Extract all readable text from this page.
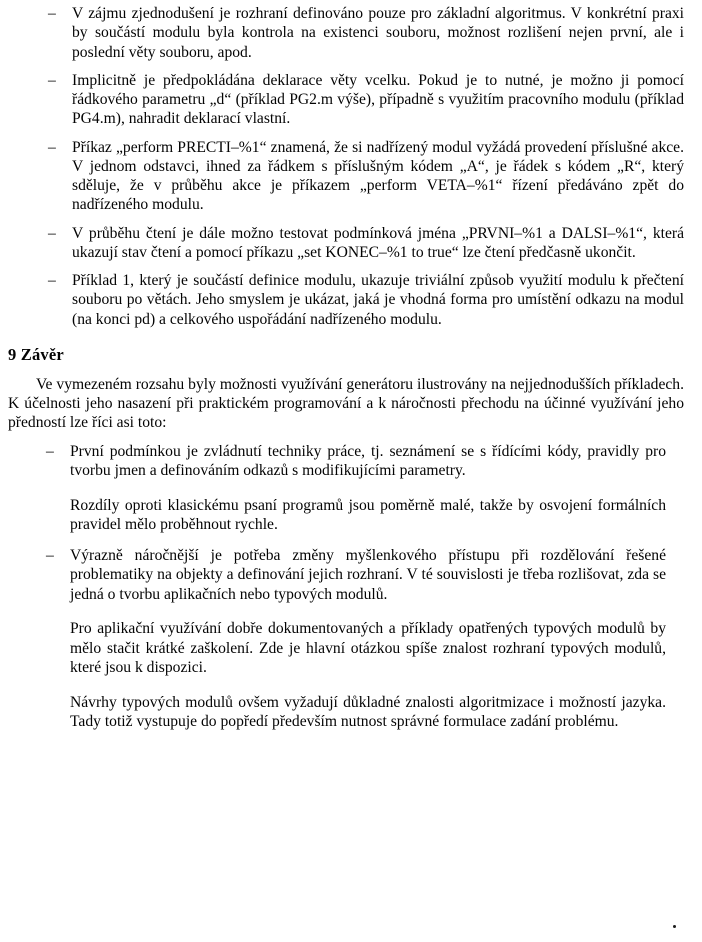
– V zájmu zjednodušení je rozhraní definováno pouze pro základní algoritmus. V konkrétní praxi by součástí modulu byla kontrola na existenci souboru, možnost rozlišení nejen první, ale i poslední věty souboru, apod.
– Implicitně je předpokládána deklarace věty vcelku. Pokud je to nutné, je možno ji pomocí řádkového parametru „d“ (příklad PG2.m výše), případně s využitím pracovního modulu (příklad PG4.m), nahradit deklarací vlastní.
– Příkaz „perform PRECTI–%1“ znamená, že si nadřízený modul vyžádá provedení příslušné akce. V jednom odstavci, ihned za řádkem s příslušným kódem „A“, je řádek s kódem „R“, který sděluje, že v průběhu akce je příkazem „perform VETA–%1“ řízení předáváno zpět do nadřízeného modulu.
– V průběhu čtení je dále možno testovat podmínková jména „PRVNI–%1 a DALSI–%1“, která ukazují stav čtení a pomocí příkazu „set KONEC–%1 to true“ lze čtení předčasně ukončit.
– Příklad 1, který je součástí definice modulu, ukazuje triviální způsob využití modulu k přečtení souboru po větách. Jeho smyslem je ukázat, jaká je vhodná forma pro umístění odkazu na modul (na konci pd) a celkového uspořádání nadřízeného modulu.
9 Závěr

Ve vymezeném rozsahu byly možnosti využívání generátoru ilustrovány na nejjednodušších příkladech. K účelnosti jeho nasazení při praktickém programování a k náročnosti přechodu na účinné využívání jeho předností lze říci asi toto:

– První podmínkou je zvládnutí techniky práce, tj. seznámení se s řídícími kódy, pravidly pro tvorbu jmen a definováním odkazů s modifikujícími parametry.

Rozdíly oproti klasickému psaní programů jsou poměrně malé, takže by osvojení formálních pravidel mělo proběhnout rychle.

– Výrazně náročnější je potřeba změny myšlenkového přístupu při rozdělování řešené problematiky na objekty a definování jejich rozhraní. V té souvislosti je třeba rozlišovat, zda se jedná o tvorbu aplikačních nebo typových modulů.

Pro aplikační využívání dobře dokumentovaných a příklady opatřených typových modulů by mělo stačit krátké zaškolení. Zde je hlavní otázkou spíše znalost rozhraní typových modulů, které jsou k dispozici.

Návrhy typových modulů ovšem vyžadují důkladné znalosti algoritmizace i možností jazyka. Tady totiž vystupuje do popředí především nutnost správné formulace zadání problému.
